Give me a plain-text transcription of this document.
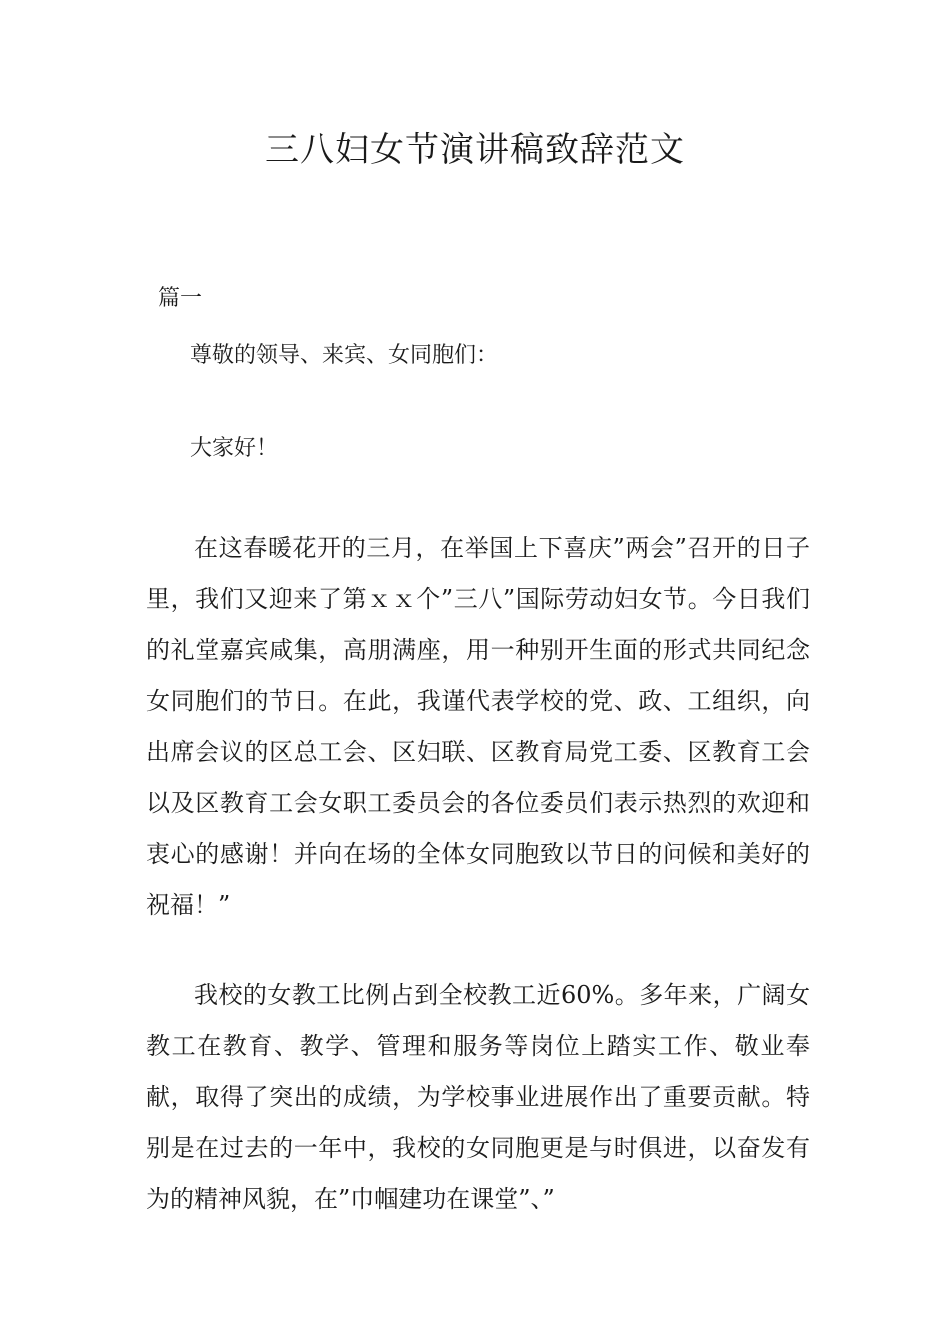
三八妇女节演讲稿致辞范文
篇一

尊敬的领导、来宾、女同胞们：

大家好！

在这春暖花开的三月，在举国上下喜庆”两会”召开的日子里，我们又迎来了第ｘｘ个”三八”国际劳动妇女节。今日我们的礼堂嘉宾咸集，高朋满座，用一种别开生面的形式共同纪念女同胞们的节日。在此，我谨代表学校的党、政、工组织，向出席会议的区总工会、区妇联、区教育局党工委、区教育工会以及区教育工会女职工委员会的各位委员们表示热烈的欢迎和衷心的感谢！并向在场的全体女同胞致以节日的问候和美好的祝福！”

我校的女教工比例占到全校教工近60%。多年来，广阔女教工在教育、教学、管理和服务等岗位上踏实工作、敬业奉献，取得了突出的成绩，为学校事业进展作出了重要贡献。特别是在过去的一年中，我校的女同胞更是与时俱进，以奋发有为的精神风貌，在”巾帼建功在课堂”、”
